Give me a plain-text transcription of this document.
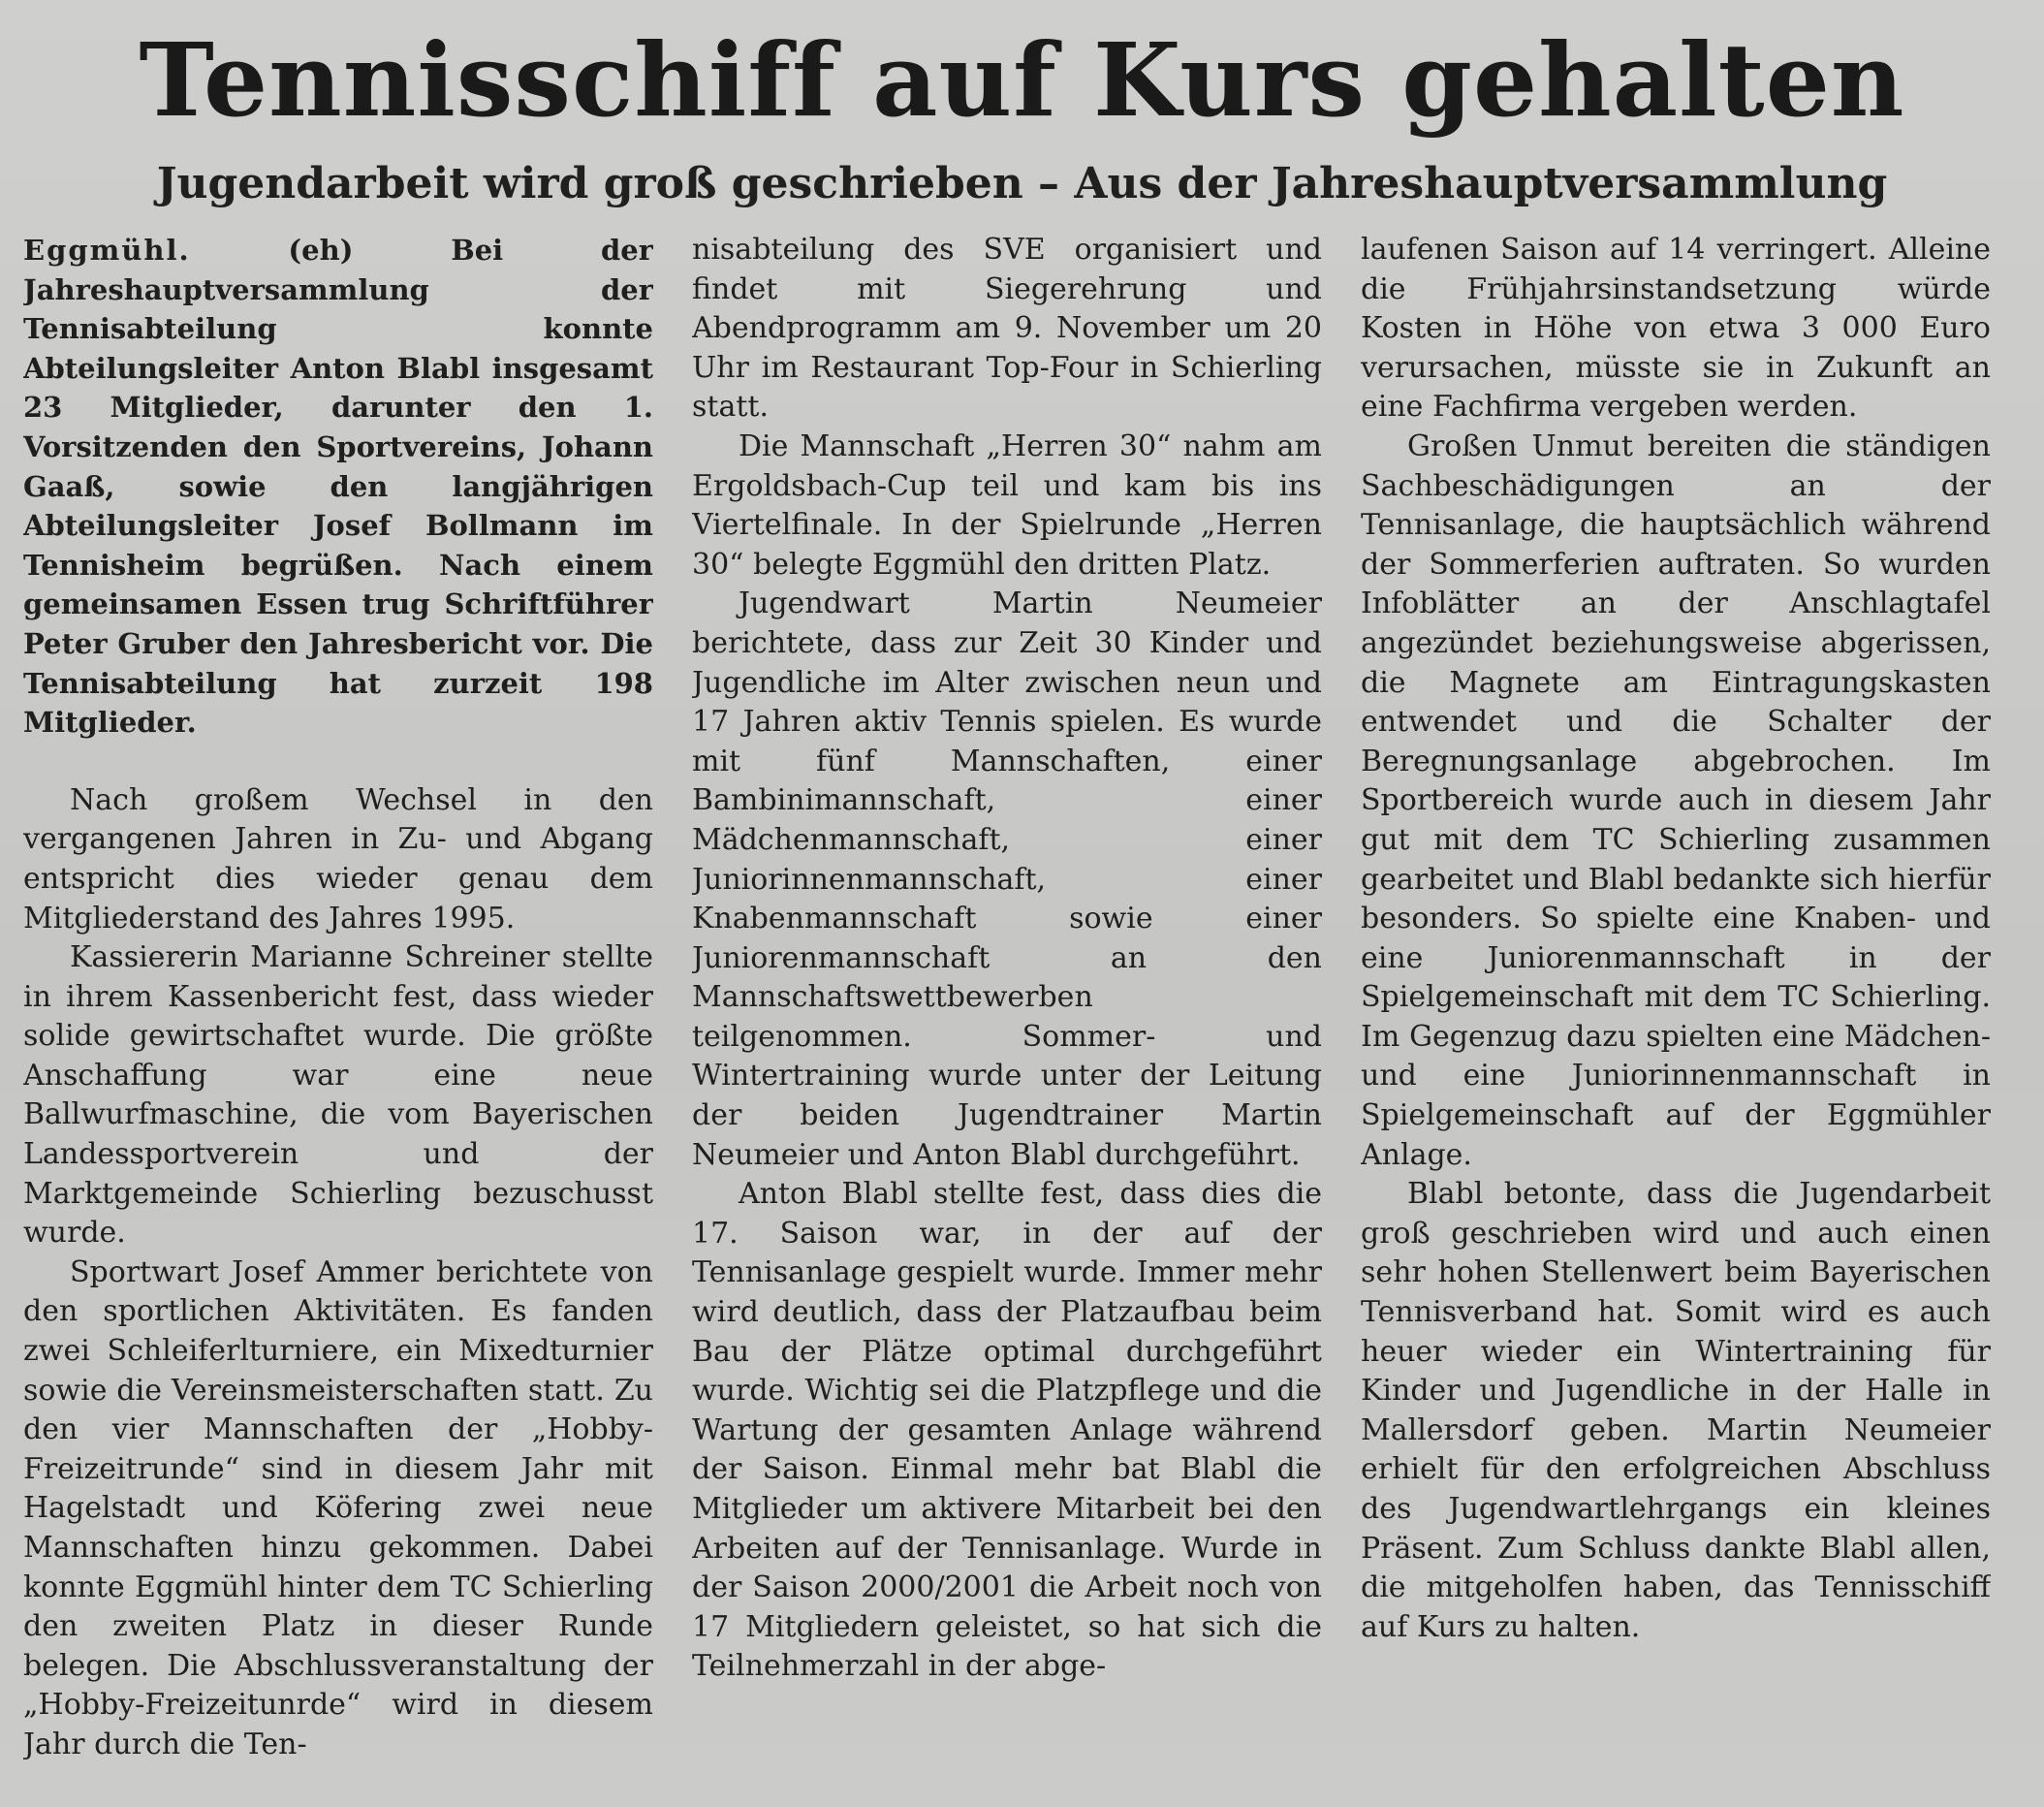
Tennisschiff auf Kurs gehalten
Jugendarbeit wird groß geschrieben – Aus der Jahreshauptversammlung

Eggmühl. (eh) Bei der Jahreshauptversammlung der Tennisabteilung konnte Abteilungsleiter Anton Blabl insgesamt 23 Mitglieder, darunter den 1. Vorsitzenden den Sportvereins, Johann Gaaß, sowie den langjährigen Abteilungsleiter Josef Bollmann im Tennisheim begrüßen. Nach einem gemeinsamen Essen trug Schriftführer Peter Gruber den Jahresbericht vor. Die Tennisabteilung hat zurzeit 198 Mitglieder.

Nach großem Wechsel in den vergangenen Jahren in Zu- und Abgang entspricht dies wieder genau dem Mitgliederstand des Jahres 1995.

Kassiererin Marianne Schreiner stellte in ihrem Kassenbericht fest, dass wieder solide gewirtschaftet wurde. Die größte Anschaffung war eine neue Ballwurfmaschine, die vom Bayerischen Landessportverein und der Marktgemeinde Schierling bezuschusst wurde.

Sportwart Josef Ammer berichtete von den sportlichen Aktivitäten. Es fanden zwei Schleiferlturniere, ein Mixedturnier sowie die Vereinsmeisterschaften statt. Zu den vier Mannschaften der „Hobby-Freizeitrunde“ sind in diesem Jahr mit Hagelstadt und Köfering zwei neue Mannschaften hinzu gekommen. Dabei konnte Eggmühl hinter dem TC Schierling den zweiten Platz in dieser Runde belegen. Die Abschlussveranstaltung der „Hobby-Freizeitunrde“ wird in diesem Jahr durch die Ten-

nisabteilung des SVE organisiert und findet mit Siegerehrung und Abendprogramm am 9. November um 20 Uhr im Restaurant Top-Four in Schierling statt.

Die Mannschaft „Herren 30“ nahm am Ergoldsbach-Cup teil und kam bis ins Viertelfinale. In der Spielrunde „Herren 30“ belegte Eggmühl den dritten Platz.

Jugendwart Martin Neumeier berichtete, dass zur Zeit 30 Kinder und Jugendliche im Alter zwischen neun und 17 Jahren aktiv Tennis spielen. Es wurde mit fünf Mannschaften, einer Bambinimannschaft, einer Mädchenmannschaft, einer Juniorinnenmannschaft, einer Knabenmannschaft sowie einer Juniorenmannschaft an den Mannschaftswettbewerben teilgenommen. Sommer- und Wintertraining wurde unter der Leitung der beiden Jugendtrainer Martin Neumeier und Anton Blabl durchgeführt.

Anton Blabl stellte fest, dass dies die 17. Saison war, in der auf der Tennisanlage gespielt wurde. Immer mehr wird deutlich, dass der Platzaufbau beim Bau der Plätze optimal durchgeführt wurde. Wichtig sei die Platzpflege und die Wartung der gesamten Anlage während der Saison. Einmal mehr bat Blabl die Mitglieder um aktivere Mitarbeit bei den Arbeiten auf der Tennisanlage. Wurde in der Saison 2000/2001 die Arbeit noch von 17 Mitgliedern geleistet, so hat sich die Teilnehmerzahl in der abge-

laufenen Saison auf 14 verringert. Alleine die Frühjahrsinstandsetzung würde Kosten in Höhe von etwa 3 000 Euro verursachen, müsste sie in Zukunft an eine Fachfirma vergeben werden.

Großen Unmut bereiten die ständigen Sachbeschädigungen an der Tennisanlage, die hauptsächlich während der Sommerferien auftraten. So wurden Infoblätter an der Anschlagtafel angezündet beziehungsweise abgerissen, die Magnete am Eintragungskasten entwendet und die Schalter der Beregnungsanlage abgebrochen. Im Sportbereich wurde auch in diesem Jahr gut mit dem TC Schierling zusammen gearbeitet und Blabl bedankte sich hierfür besonders. So spielte eine Knaben- und eine Juniorenmannschaft in der Spielgemeinschaft mit dem TC Schierling. Im Gegenzug dazu spielten eine Mädchen- und eine Juniorinnenmannschaft in Spielgemeinschaft auf der Eggmühler Anlage.

Blabl betonte, dass die Jugendarbeit groß geschrieben wird und auch einen sehr hohen Stellenwert beim Bayerischen Tennisverband hat. Somit wird es auch heuer wieder ein Wintertraining für Kinder und Jugendliche in der Halle in Mallersdorf geben. Martin Neumeier erhielt für den erfolgreichen Abschluss des Jugendwartlehrgangs ein kleines Präsent. Zum Schluss dankte Blabl allen, die mitgeholfen haben, das Tennisschiff auf Kurs zu halten.
